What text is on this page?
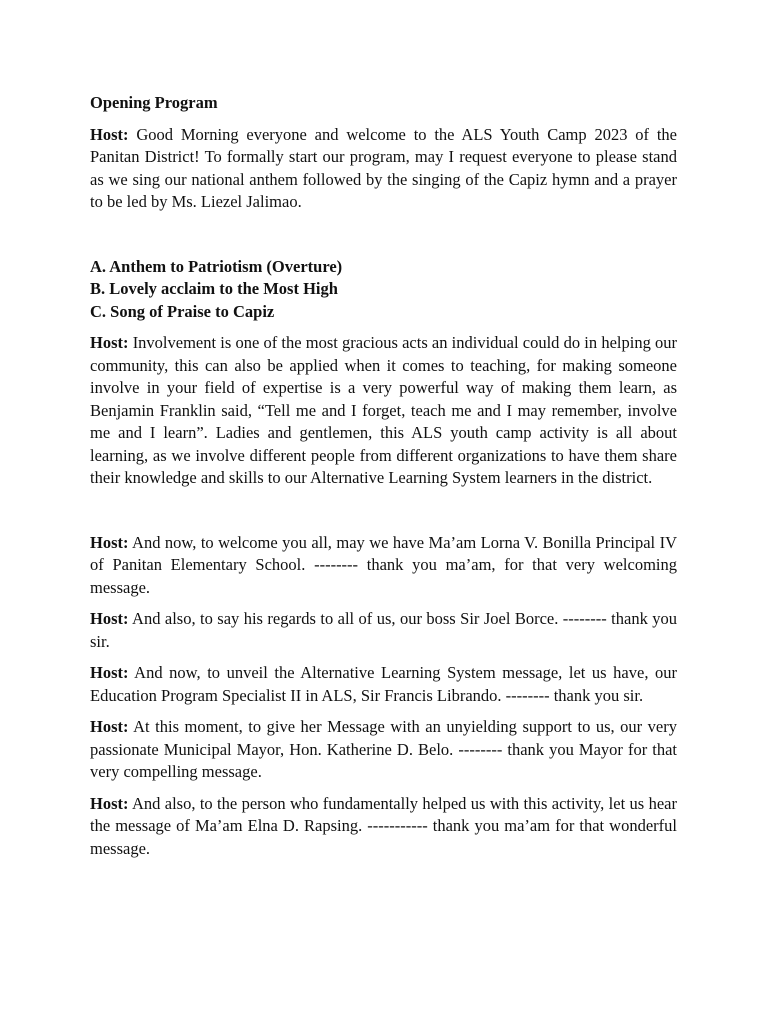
Opening Program

Host: Good Morning everyone and welcome to the ALS Youth Camp 2023 of the Panitan District! To formally start our program, may I request everyone to please stand as we sing our national anthem followed by the singing of the Capiz hymn and a prayer to be led by Ms. Liezel Jalimao.

A. Anthem to Patriotism (Overture)
B. Lovely acclaim to the Most High
C. Song of Praise to Capiz

Host: Involvement is one of the most gracious acts an individual could do in helping our community, this can also be applied when it comes to teaching, for making someone involve in your field of expertise is a very powerful way of making them learn, as Benjamin Franklin said, “Tell me and I forget, teach me and I may remember, involve me and I learn”. Ladies and gentlemen, this ALS youth camp activity is all about learning, as we involve different people from different organizations to have them share their knowledge and skills to our Alternative Learning System learners in the district.

Host: And now, to welcome you all, may we have Ma’am Lorna V. Bonilla Principal IV of Panitan Elementary School. -------- thank you ma’am, for that very welcoming message.

Host: And also, to say his regards to all of us, our boss Sir Joel Borce. -------- thank you sir.

Host: And now, to unveil the Alternative Learning System message, let us have, our Education Program Specialist II in ALS, Sir Francis Librando. -------- thank you sir.

Host: At this moment, to give her Message with an unyielding support to us, our very passionate Municipal Mayor, Hon. Katherine D. Belo. -------- thank you Mayor for that very compelling message.

Host: And also, to the person who fundamentally helped us with this activity, let us hear the message of Ma’am Elna D. Rapsing. ----------- thank you ma’am for that wonderful message.
